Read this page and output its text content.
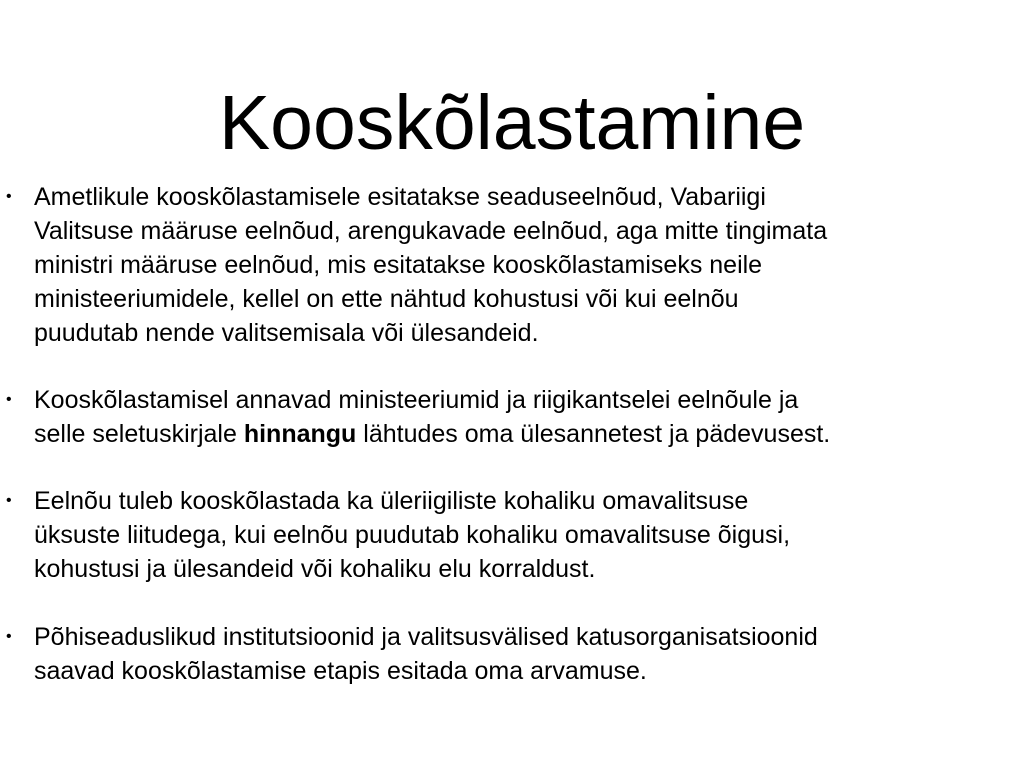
Kooskõlastamine
• Ametlikule kooskõlastamisele esitatakse seaduseelnõud, Vabariigi
Valitsuse määruse eelnõud, arengukavade eelnõud, aga mitte tingimata
ministri määruse eelnõud, mis esitatakse kooskõlastamiseks neile
ministeeriumidele, kellel on ette nähtud kohustusi või kui eelnõu
puudutab nende valitsemisala või ülesandeid.
• Kooskõlastamisel annavad ministeeriumid ja riigikantselei eelnõule ja
selle seletuskirjale hinnangu lähtudes oma ülesannetest ja pädevusest.
• Eelnõu tuleb kooskõlastada ka üleriigiliste kohaliku omavalitsuse
üksuste liitudega, kui eelnõu puudutab kohaliku omavalitsuse õigusi,
kohustusi ja ülesandeid või kohaliku elu korraldust.
• Põhiseaduslikud institutsioonid ja valitsusvälised katusorganisatsioonid
saavad kooskõlastamise etapis esitada oma arvamuse.
